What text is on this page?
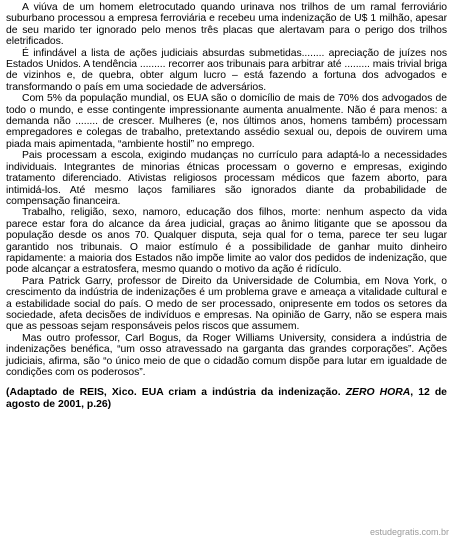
A viúva de um homem eletrocutado quando urinava nos trilhos de um ramal ferroviário suburbano processou a empresa ferroviária e recebeu uma indenização de U$ 1 milhão, apesar de seu marido ter ignorado pelo menos três placas que alertavam para o perigo dos trilhos eletrificados.

É infindável a lista de ações judiciais absurdas submetidas........ apreciação de juízes nos Estados Unidos. A tendência ......... recorrer aos tribunais para arbitrar até ......... mais trivial briga de vizinhos e, de quebra, obter algum lucro – está fazendo a fortuna dos advogados e transformando o país em uma sociedade de adversários.

Com 5% da população mundial, os EUA são o domicílio de mais de 70% dos advogados de todo o mundo, e esse contingente impressionante aumenta anualmente. Não é para menos: a demanda não ........ de crescer. Mulheres (e, nos últimos anos, homens também) processam empregadores e colegas de trabalho, pretextando assédio sexual ou, depois de ouvirem uma piada mais apimentada, “ambiente hostil” no emprego.

Pais processam a escola, exigindo mudanças no currículo para adaptá-lo a necessidades individuais. Integrantes de minorias étnicas processam o governo e empresas, exigindo tratamento diferenciado. Ativistas religiosos processam médicos que fazem aborto, para intimidá-los. Até mesmo laços familiares são ignorados diante da probabilidade de compensação financeira.

Trabalho, religião, sexo, namoro, educação dos filhos, morte: nenhum aspecto da vida parece estar fora do alcance da área judicial, graças ao ânimo litigante que se apossou da população desde os anos 70. Qualquer disputa, seja qual for o tema, parece ter seu lugar garantido nos tribunais. O maior estímulo é a possibilidade de ganhar muito dinheiro rapidamente: a maioria dos Estados não impõe limite ao valor dos pedidos de indenização, que pode alcançar a estratosfera, mesmo quando o motivo da ação é ridículo.

Para Patrick Garry, professor de Direito da Universidade de Columbia, em Nova York, o crescimento da indústria de indenizações é um problema grave e ameaça a vitalidade cultural e a estabilidade social do país. O medo de ser processado, onipresente em todos os setores da sociedade, afeta decisões de indivíduos e empresas. Na opinião de Garry, não se espera mais que as pessoas sejam responsáveis pelos riscos que assumem.

Mas outro professor, Carl Bogus, da Roger Williams University, considera a indústria de indenizações benéfica, “um osso atravessado na garganta das grandes corporações”. Ações judiciais, afirma, são “o único meio de que o cidadão comum dispõe para lutar em igualdade de condições com os poderosos”.

(Adaptado de REIS, Xico. EUA criam a indústria da indenização. ZERO HORA, 12 de agosto de 2001, p.26)

estudegratis.com.br
